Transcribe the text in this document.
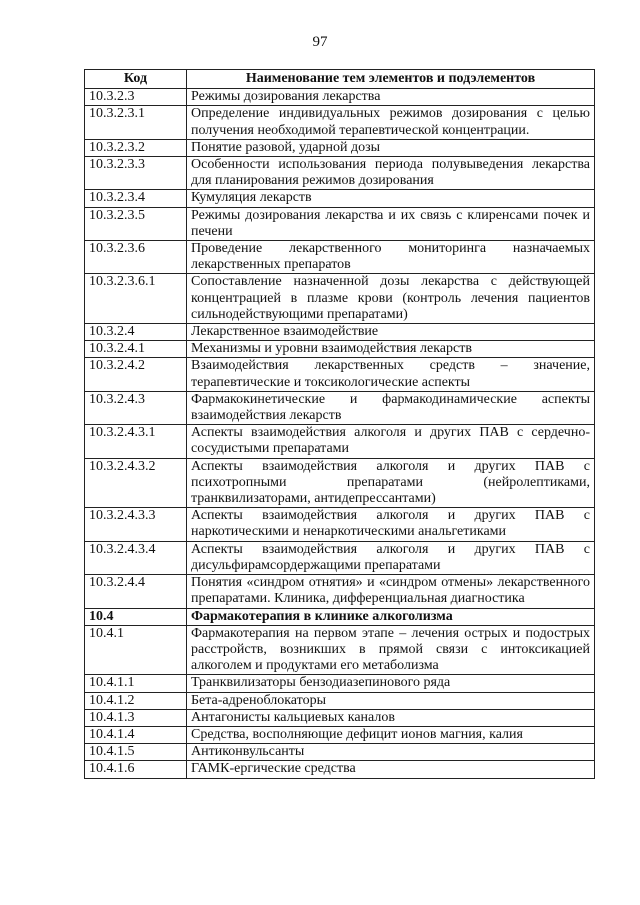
97
Код	Наименование тем элементов и подэлементов
10.3.2.3	Режимы дозирования лекарства
10.3.2.3.1	Определение индивидуальных режимов дозирования с целью получения необходимой терапевтической концентрации.
10.3.2.3.2	Понятие разовой, ударной дозы
10.3.2.3.3	Особенности использования периода полувыведения лекарства для планирования режимов дозирования
10.3.2.3.4	Кумуляция лекарств
10.3.2.3.5	Режимы дозирования лекарства и их связь с клиренсами почек и печени
10.3.2.3.6	Проведение лекарственного мониторинга назначаемых лекарственных препаратов
10.3.2.3.6.1	Сопоставление назначенной дозы лекарства с действующей концентрацией в плазме крови (контроль лечения пациентов сильнодействующими препаратами)
10.3.2.4	Лекарственное взаимодействие
10.3.2.4.1	Механизмы и уровни взаимодействия лекарств
10.3.2.4.2	Взаимодействия лекарственных средств – значение, терапевтические и токсикологические аспекты
10.3.2.4.3	Фармакокинетические и фармакодинамические аспекты взаимодействия лекарств
10.3.2.4.3.1	Аспекты взаимодействия алкоголя и других ПАВ с сердечно-сосудистыми препаратами
10.3.2.4.3.2	Аспекты взаимодействия алкоголя и других ПАВ с психотропными препаратами (нейролептиками, транквилизаторами, антидепрессантами)
10.3.2.4.3.3	Аспекты взаимодействия алкоголя и других ПАВ с наркотическими и ненаркотическими анальгетиками
10.3.2.4.3.4	Аспекты взаимодействия алкоголя и других ПАВ с дисульфирамсордержащими препаратами
10.3.2.4.4	Понятия «синдром отнятия» и «синдром отмены» лекарственного препаратами. Клиника, дифференциальная диагностика
10.4	Фармакотерапия в клинике алкоголизма
10.4.1	Фармакотерапия на первом этапе – лечения острых и подострых расстройств, возникших в прямой связи с интоксикацией алкоголем и продуктами его метаболизма
10.4.1.1	Транквилизаторы бензодиазепинового ряда
10.4.1.2	Бета-адреноблокаторы
10.4.1.3	Антагонисты кальциевых каналов
10.4.1.4	Средства, восполняющие дефицит ионов магния, калия
10.4.1.5	Антиконвульсанты
10.4.1.6	ГАМК-ергические средства
